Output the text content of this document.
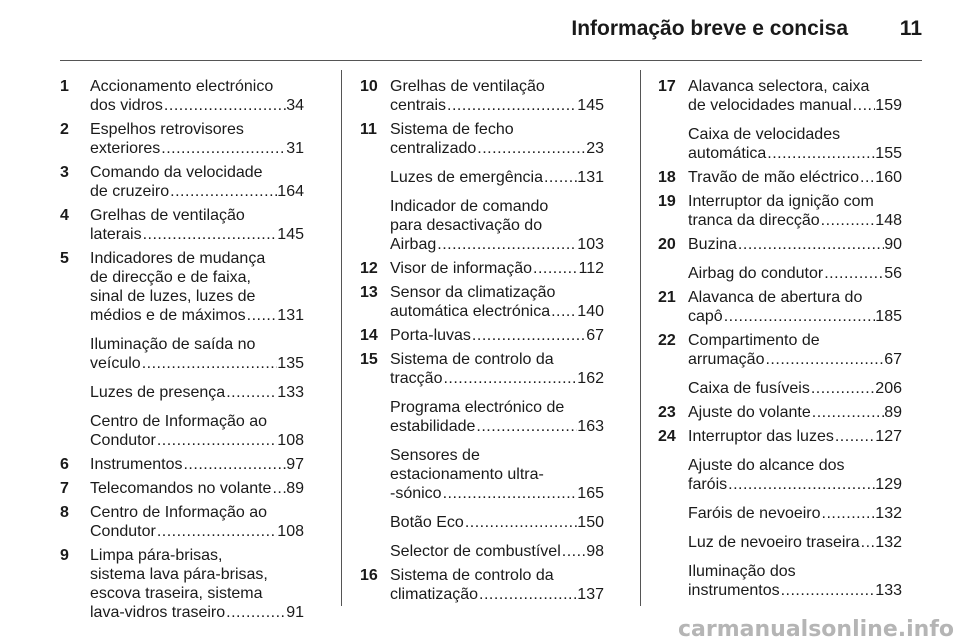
Informação breve e concisa 11
1 Accionamento electrónico
dos vidros .....	34
2 Espelhos retrovisores
exteriores .....	31
3 Comando da velocidade
de cruzeiro .....	164
4 Grelhas de ventilação
laterais .....	145
5 Indicadores de mudança
de direcção e de faixa,
sinal de luzes, luzes de
médios e de máximos ..... 131
Iluminação de saída no
veículo .....	135
Luzes de presença .....	133
Centro de Informação ao
Condutor .....	108
6 Instrumentos .....	97
7 Telecomandos no volante ..... 89
8 Centro de Informação ao
Condutor .....	108
9 Limpa pára-brisas,
sistema lava pára-brisas,
escova traseira, sistema
lava-vidros traseiro .....	91
10 Grelhas de ventilação
centrais .....	145
11 Sistema de fecho
centralizado .....	23
Luzes de emergência ..... 131
Indicador de comando
para desactivação do
Airbag .....	103
12 Visor de informação .....	112
13 Sensor da climatização
automática electrónica ..... 140
14 Porta-luvas .....	67
15 Sistema de controlo da
tracção .....	162
Programa electrónico de
estabilidade .....	163
Sensores de
estacionamento ultra-
-sónico .....	165
Botão Eco .....	150
Selector de combustível ..... 98
16 Sistema de controlo da
climatização .....	137
17 Alavanca selectora, caixa
de velocidades manual ..... 159
Caixa de velocidades
automática .....	155
18 Travão de mão eléctrico ..... 160
19 Interruptor da ignição com
tranca da direcção .....	148
20 Buzina .....	90
Airbag do condutor .....	56
21 Alavanca de abertura do
capô .....	185
22 Compartimento de
arrumação .....	67
Caixa de fusíveis .....	206
23 Ajuste do volante .....	89
24 Interruptor das luzes .....	127
Ajuste do alcance dos
faróis .....	129
Faróis de nevoeiro .....	132
Luz de nevoeiro traseira ..... 132
Iluminação dos
instrumentos .....	133
carmanualsonline.info
